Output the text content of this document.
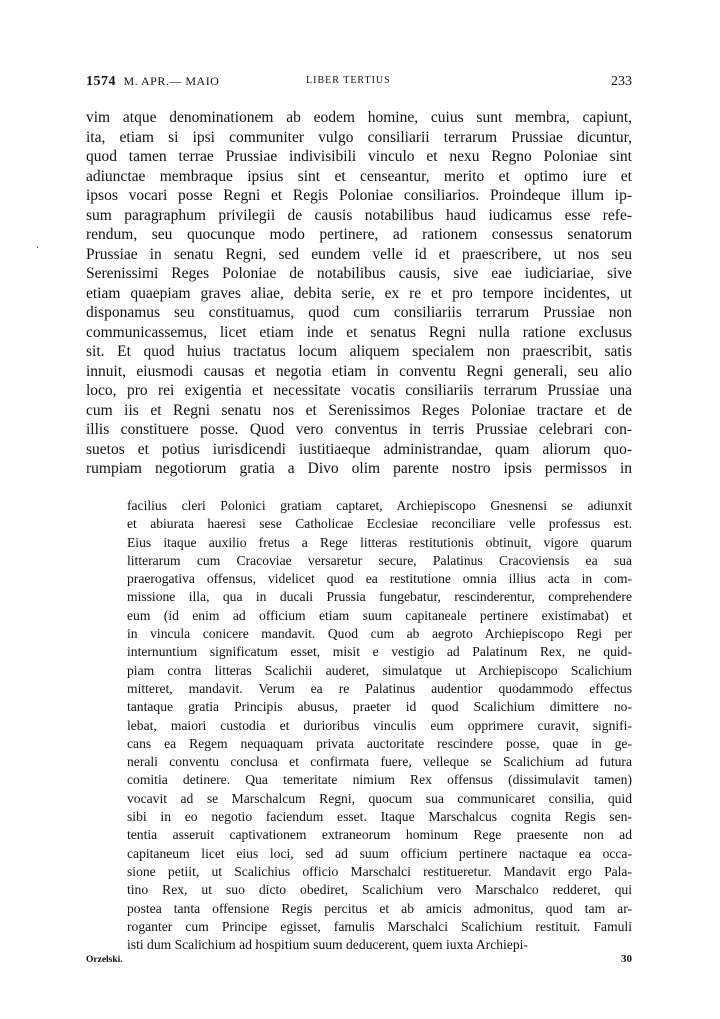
1574 M. APR.— MAIO	LIBER TERTIUS	233
.
vim atque denominationem ab eodem homine, cuius sunt membra, capiunt,
ita, etiam si ipsi communiter vulgo consiliarii terrarum Prussiae dicuntur,
quod tamen terrae Prussiae indivisibili vinculo et nexu Regno Poloniae sint
adiunctae membraque ipsius sint et censeantur, merito et optimo iure et
ipsos vocari posse Regni et Regis Poloniae consiliarios. Proindeque illum ip-
sum paragraphum privilegii de causis notabilibus haud iudicamus esse refe-
rendum, seu quocunque modo pertinere, ad rationem consessus senatorum
Prussiae in senatu Regni, sed eundem velle id et praescribere, ut nos seu
Serenissimi Reges Poloniae de notabilibus causis, sive eae iudiciariae, sive
etiam quaepiam graves aliae, debita serie, ex re et pro tempore incidentes, ut
disponamus seu constituamus, quod cum consiliariis terrarum Prussiae non
communicassemus, licet etiam inde et senatus Regni nulla ratione exclusus
sit. Et quod huius tractatus locum aliquem specialem non praescribit, satis
innuit, eiusmodi causas et negotia etiam in conventu Regni generali, seu alio
loco, pro rei exigentia et necessitate vocatis consiliariis terrarum Prussiae una
cum iis et Regni senatu nos et Serenissimos Reges Poloniae tractare et de
illis constituere posse. Quod vero conventus in terris Prussiae celebrari con-
suetos et potius iurisdicendi iustitiaeque administrandae, quam aliorum quo-
rumpiam negotiorum gratia a Divo olim parente nostro ipsis permissos in
facilius cleri Polonici gratiam captaret, Archiepiscopo Gnesnensi se adiunxit
et abiurata haeresi sese Catholicae Ecclesiae reconciliare velle professus est.
Eius itaque auxilio fretus a Rege litteras restitutionis obtinuit, vigore quarum
litterarum cum Cracoviae versaretur secure, Palatinus Cracoviensis ea sua
praerogativa offensus, videlicet quod ea restitutione omnia illius acta in com-
missione illa, qua in ducali Prussia fungebatur, rescinderentur, comprehendere
eum (id enim ad officium etiam suum capitaneale pertinere existimabat) et
in vincula conicere mandavit. Quod cum ab aegroto Archiepiscopo Regi per
internuntium significatum esset, misit e vestigio ad Palatinum Rex, ne quid-
piam contra litteras Scalichii auderet, simulatque ut Archiepiscopo Scalichium
mitteret, mandavit. Verum ea re Palatinus audentior quodammodo effectus
tantaque gratia Principis abusus, praeter id quod Scalichium dimittere no-
lebat, maiori custodia et durioribus vinculis eum opprimere curavit, signifi-
cans ea Regem nequaquam privata auctoritate rescindere posse, quae in ge-
nerali conventu conclusa et confirmata fuere, velleque se Scalichium ad futura
comitia detinere. Qua temeritate nimium Rex offensus (dissimulavit tamen)
vocavit ad se Marschalcum Regni, quocum sua communicaret consilia, quid
sibi in eo negotio faciendum esset. Itaque Marschalcus cognita Regis sen-
tentia asseruit captivationem extraneorum hominum Rege praesente non ad
capitaneum licet eius loci, sed ad suum officium pertinere nactaque ea occa-
sione petiit, ut Scalichius officio Marschalci restitueretur. Mandavit ergo Pala-
tino Rex, ut suo dicto obediret, Scalichium vero Marschalco redderet, qui
postea tanta offensione Regis percitus et ab amicis admonitus, quod tam ar-
roganter cum Principe egisset, famulis Marschalci Scalichium restituit. Famuli
isti dum Scalichium ad hospitium suum deducerent, quem iuxta Archiepi-
Orzelski.	30
